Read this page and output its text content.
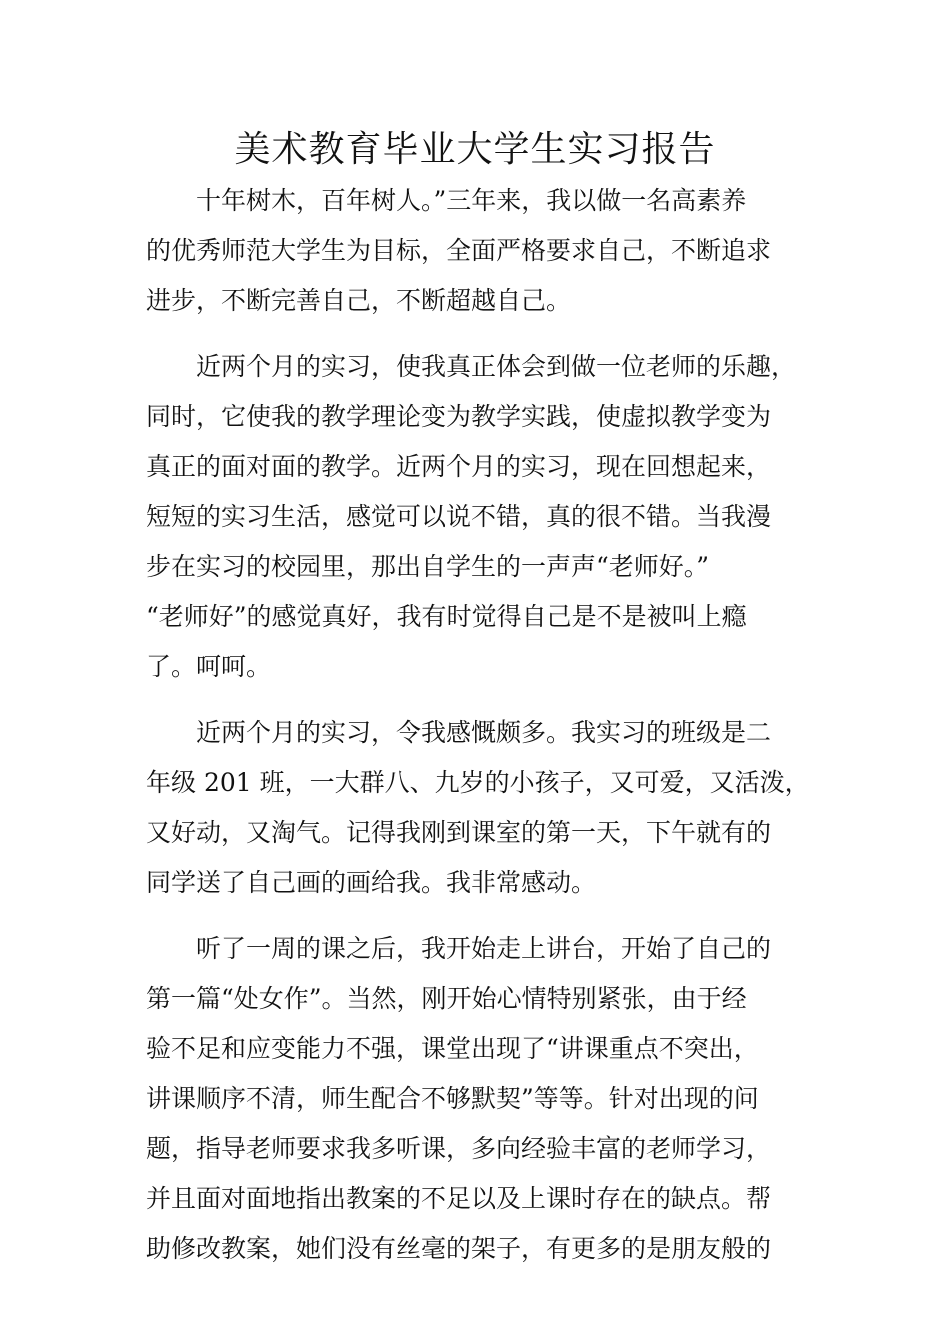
美术教育毕业大学生实习报告
　　十年树木，百年树人。”三年来，我以做一名高素养
的优秀师范大学生为目标，全面严格要求自己，不断追求
进步，不断完善自己，不断超越自己。
　　近两个月的实习，使我真正体会到做一位老师的乐趣，
同时，它使我的教学理论变为教学实践，使虚拟教学变为
真正的面对面的教学。近两个月的实习，现在回想起来，
短短的实习生活，感觉可以说不错，真的很不错。当我漫
步在实习的校园里，那出自学生的一声声“老师好。”
“老师好”的感觉真好，我有时觉得自己是不是被叫上瘾
了。呵呵。
　　近两个月的实习，令我感慨颇多。我实习的班级是二
年级 201 班，一大群八、九岁的小孩子，又可爱，又活泼，
又好动，又淘气。记得我刚到课室的第一天，下午就有的
同学送了自己画的画给我。我非常感动。
　　听了一周的课之后，我开始走上讲台，开始了自己的
第一篇“处女作”。当然，刚开始心情特别紧张，由于经
验不足和应变能力不强，课堂出现了“讲课重点不突出，
讲课顺序不清，师生配合不够默契”等等。针对出现的问
题，指导老师要求我多听课，多向经验丰富的老师学习，
并且面对面地指出教案的不足以及上课时存在的缺点。帮
助修改教案，她们没有丝毫的架子，有更多的是朋友般的
